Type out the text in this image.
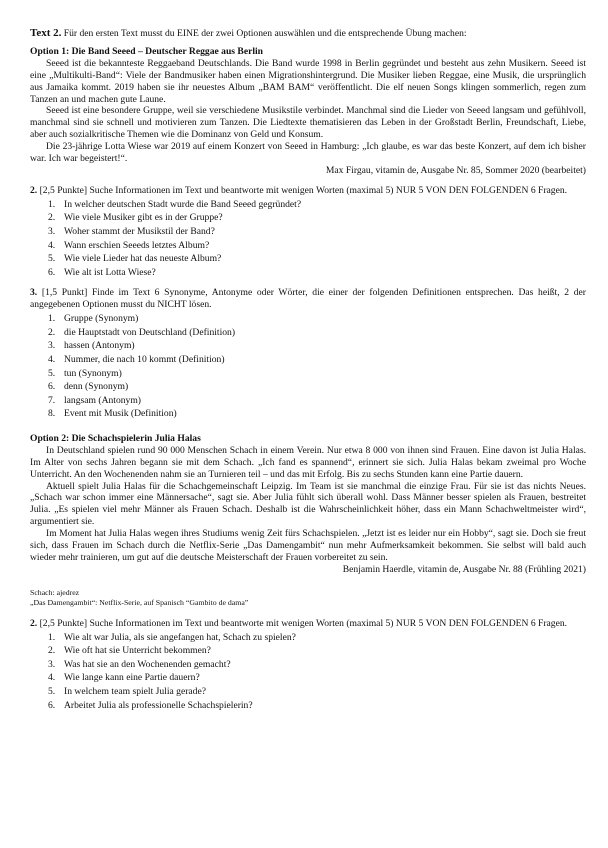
Text 2. Für den ersten Text musst du EINE der zwei Optionen auswählen und die entsprechende Übung machen:

Option 1: Die Band Seeed – Deutscher Reggae aus Berlin

Seeed ist die bekannteste Reggaeband Deutschlands. Die Band wurde 1998 in Berlin gegründet und besteht aus zehn Musikern. Seeed ist eine „Multikulti-Band“: Viele der Bandmusiker haben einen Migrationshintergrund. Die Musiker lieben Reggae, eine Musik, die ursprünglich aus Jamaika kommt. 2019 haben sie ihr neuestes Album „BAM BAM“ veröffentlicht. Die elf neuen Songs klingen sommerlich, regen zum Tanzen an und machen gute Laune.

Seeed ist eine besondere Gruppe, weil sie verschiedene Musikstile verbindet. Manchmal sind die Lieder von Seeed langsam und gefühlvoll, manchmal sind sie schnell und motivieren zum Tanzen. Die Liedtexte thematisieren das Leben in der Großstadt Berlin, Freundschaft, Liebe, aber auch sozialkritische Themen wie die Dominanz von Geld und Konsum.

Die 23-jährige Lotta Wiese war 2019 auf einem Konzert von Seeed in Hamburg: „Ich glaube, es war das beste Konzert, auf dem ich bisher war. Ich war begeistert!“.

Max Firgau, vitamin de, Ausgabe Nr. 85, Sommer 2020 (bearbeitet)

2. [2,5 Punkte] Suche Informationen im Text und beantworte mit wenigen Worten (maximal 5) NUR 5 VON DEN FOLGENDEN 6 Fragen.

1. In welcher deutschen Stadt wurde die Band Seeed gegründet?
2. Wie viele Musiker gibt es in der Gruppe?
3. Woher stammt der Musikstil der Band?
4. Wann erschien Seeeds letztes Album?
5. Wie viele Lieder hat das neueste Album?
6. Wie alt ist Lotta Wiese?

3. [1,5 Punkt] Finde im Text 6 Synonyme, Antonyme oder Wörter, die einer der folgenden Definitionen entsprechen. Das heißt, 2 der angegebenen Optionen musst du NICHT lösen.

1. Gruppe (Synonym)
2. die Hauptstadt von Deutschland (Definition)
3. hassen (Antonym)
4. Nummer, die nach 10 kommt (Definition)
5. tun (Synonym)
6. denn (Synonym)
7. langsam (Antonym)
8. Event mit Musik (Definition)

Option 2: Die Schachspielerin Julia Halas

In Deutschland spielen rund 90 000 Menschen Schach in einem Verein. Nur etwa 8 000 von ihnen sind Frauen. Eine davon ist Julia Halas. Im Alter von sechs Jahren begann sie mit dem Schach. „Ich fand es spannend“, erinnert sie sich. Julia Halas bekam zweimal pro Woche Unterricht. An den Wochenenden nahm sie an Turnieren teil – und das mit Erfolg. Bis zu sechs Stunden kann eine Partie dauern.

Aktuell spielt Julia Halas für die Schachgemeinschaft Leipzig. Im Team ist sie manchmal die einzige Frau. Für sie ist das nichts Neues. „Schach war schon immer eine Männersache“, sagt sie. Aber Julia fühlt sich überall wohl. Dass Männer besser spielen als Frauen, bestreitet Julia. „Es spielen viel mehr Männer als Frauen Schach. Deshalb ist die Wahrscheinlichkeit höher, dass ein Mann Schachweltmeister wird“, argumentiert sie.

Im Moment hat Julia Halas wegen ihres Studiums wenig Zeit fürs Schachspielen. „Jetzt ist es leider nur ein Hobby“, sagt sie. Doch sie freut sich, dass Frauen im Schach durch die Netflix-Serie „Das Damengambit“ nun mehr Aufmerksamkeit bekommen. Sie selbst will bald auch wieder mehr trainieren, um gut auf die deutsche Meisterschaft der Frauen vorbereitet zu sein.

Benjamin Haerdle, vitamin de, Ausgabe Nr. 88 (Frühling 2021)

Schach: ajedrez

„Das Damengambit“: Netflix-Serie, auf Spanisch “Gambito de dama”

2. [2,5 Punkte] Suche Informationen im Text und beantworte mit wenigen Worten (maximal 5) NUR 5 VON DEN FOLGENDEN 6 Fragen.

1. Wie alt war Julia, als sie angefangen hat, Schach zu spielen?
2. Wie oft hat sie Unterricht bekommen?
3. Was hat sie an den Wochenenden gemacht?
4. Wie lange kann eine Partie dauern?
5. In welchem team spielt Julia gerade?
6. Arbeitet Julia als professionelle Schachspielerin?
